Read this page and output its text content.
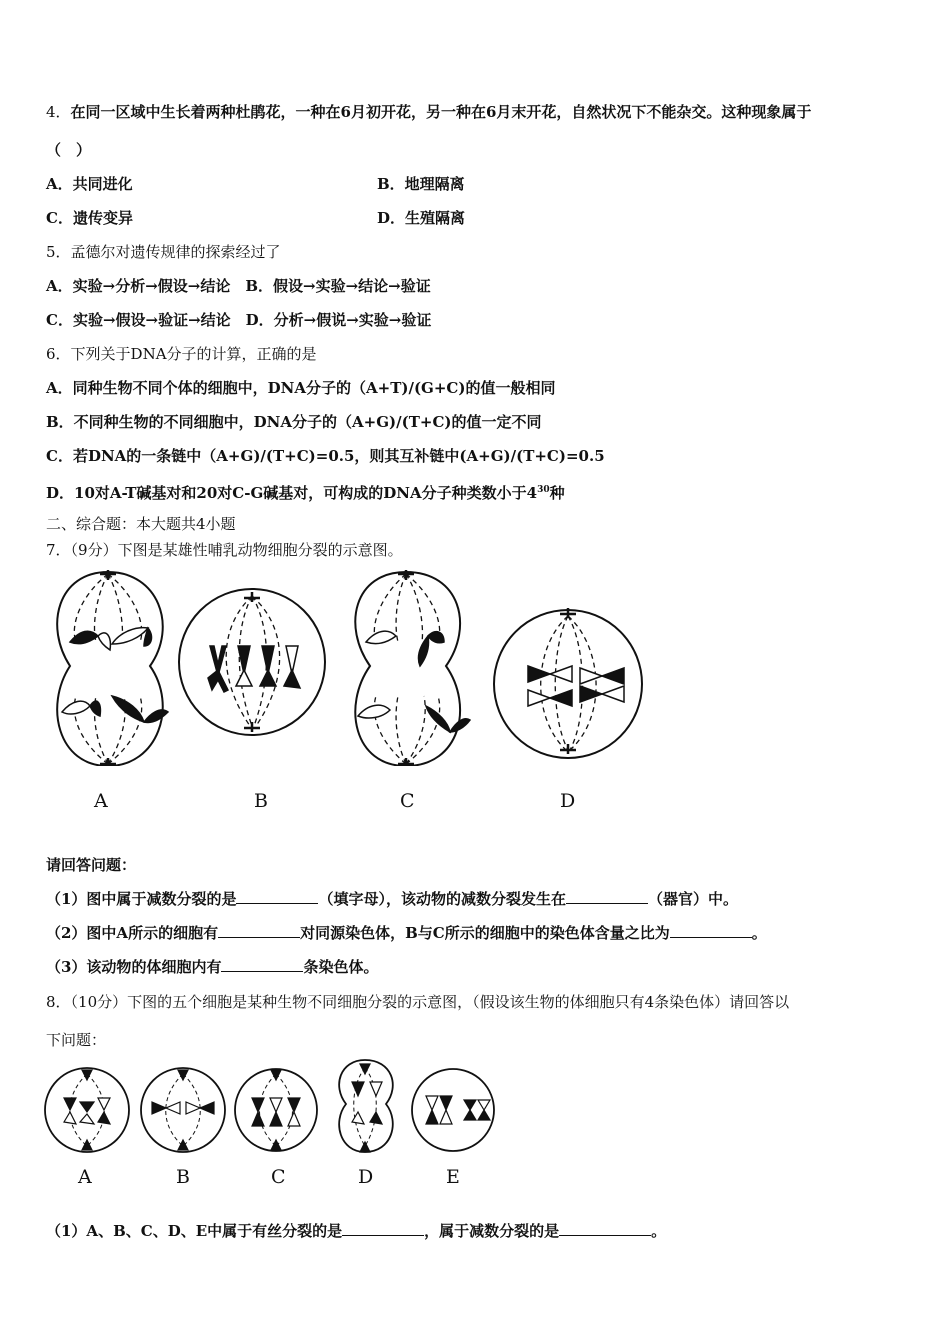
4．在同一区域中生长着两种杜鹃花，一种在6月初开花，另一种在6月末开花，自然状况下不能杂交。这种现象属于
（　）
A．共同进化	B．地理隔离
C．遗传变异	D．生殖隔离
5．孟德尔对遗传规律的探索经过了
A．实验→分析→假设→结论　B．假设→实验→结论→验证
C．实验→假设→验证→结论　D．分析→假说→实验→验证
6．下列关于DNA分子的计算，正确的是
A．同种生物不同个体的细胞中，DNA分子的（A+T)/(G+C)的值一般相同
B．不同种生物的不同细胞中，DNA分子的（A+G)/(T+C)的值一定不同
C．若DNA的一条链中（A+G)/(T+C)=0.5，则其互补链中(A+G)/(T+C)=0.5
D．10对A-T碱基对和20对C-G碱基对，可构成的DNA分子种类数小于$4^{30}$种
二、综合题：本大题共4小题
7．（9分）下图是某雄性哺乳动物细胞分裂的示意图。
A	B	C	D
请回答问题：
（1）图中属于减数分裂的是	（填字母），该动物的减数分裂发生在	（器官）中。
（2）图中A所示的细胞有	对同源染色体，B与C所示的细胞中的染色体含量之比为	。
（3）该动物的体细胞内有	条染色体。
8．（10分）下图的五个细胞是某种生物不同细胞分裂的示意图，（假设该生物的体细胞只有4条染色体）请回答以
下问题：
A	B	C	D	E
（1）A、B、C、D、E中属于有丝分裂的是	，属于减数分裂的是	。
